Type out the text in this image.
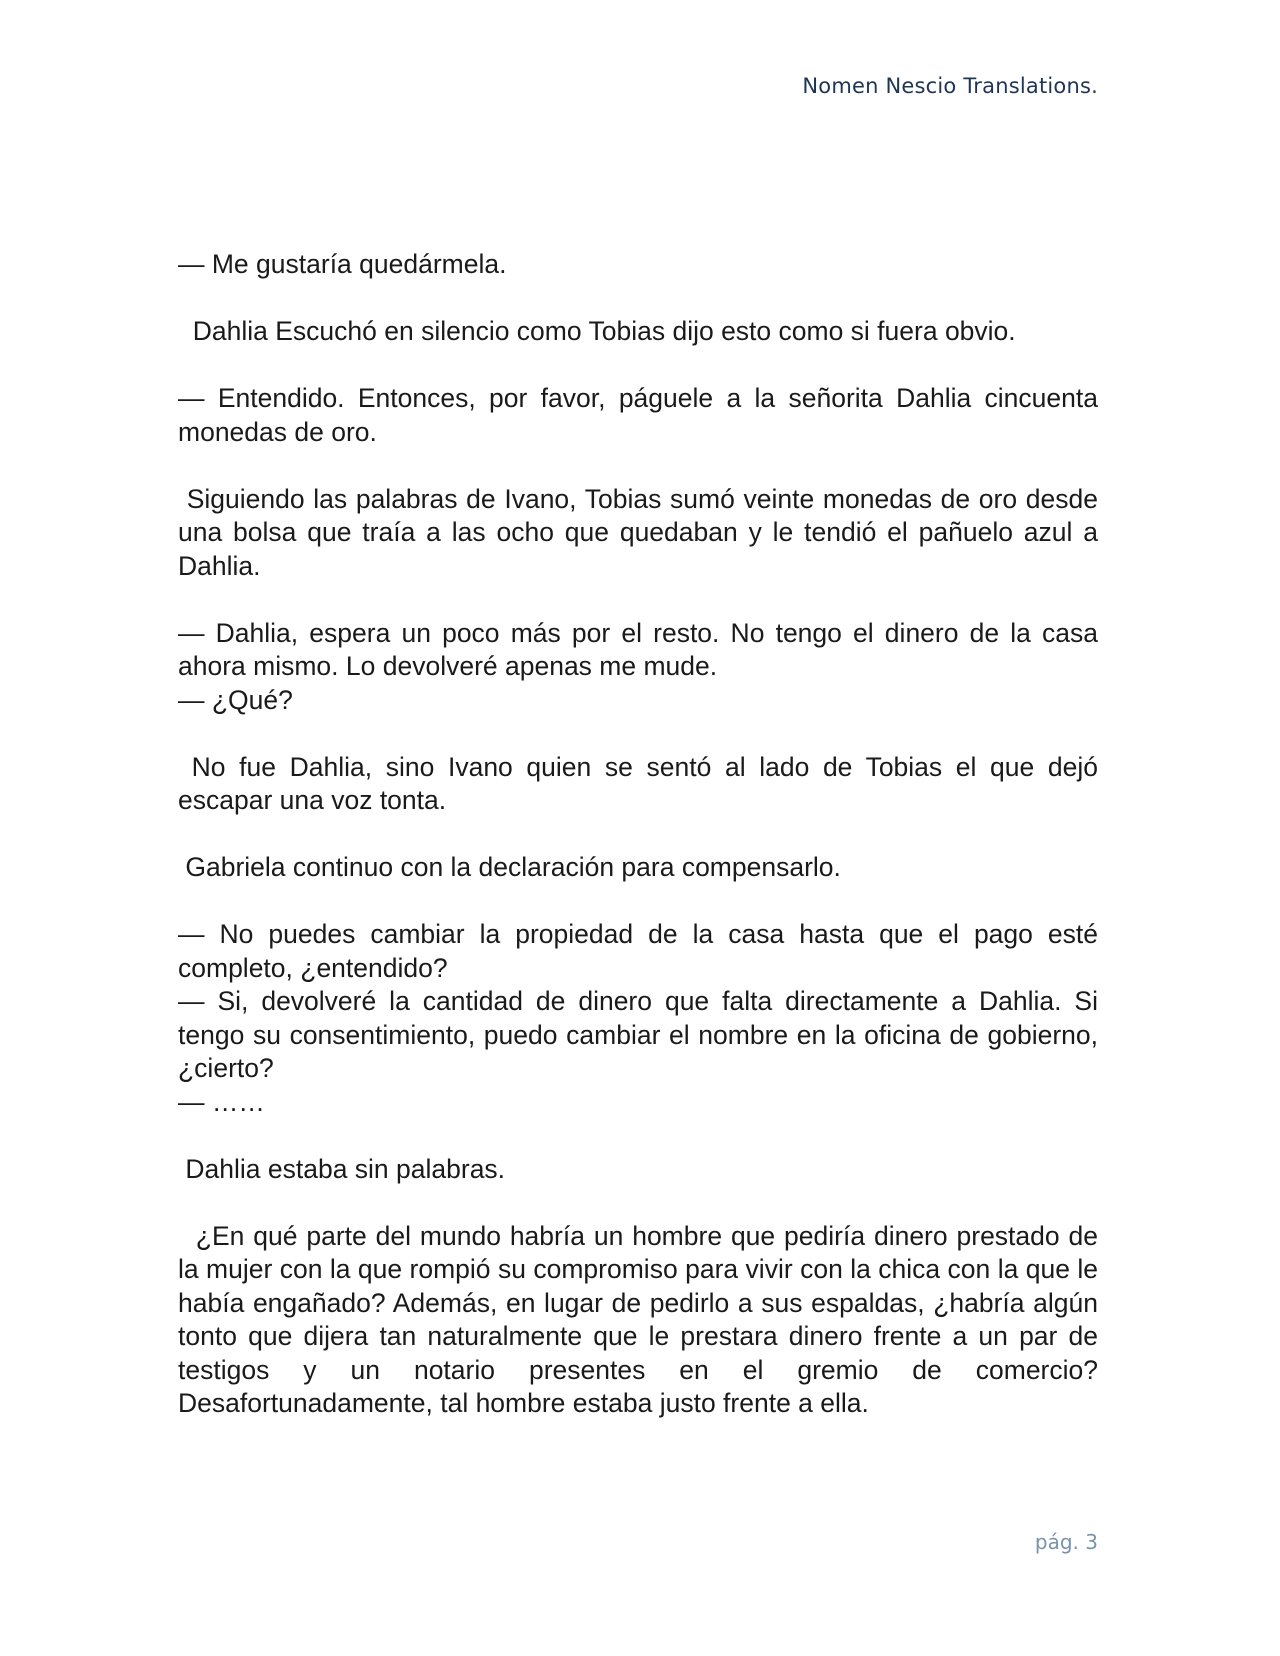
Nomen Nescio Translations.

— Me gustaría quedármela.

Dahlia Escuchó en silencio como Tobias dijo esto como si fuera obvio.

— Entendido. Entonces, por favor, páguele a la señorita Dahlia cincuenta monedas de oro.

Siguiendo las palabras de Ivano, Tobias sumó veinte monedas de oro desde una bolsa que traía a las ocho que quedaban y le tendió el pañuelo azul a Dahlia.

— Dahlia, espera un poco más por el resto. No tengo el dinero de la casa ahora mismo. Lo devolveré apenas me mude.

— ¿Qué?

No fue Dahlia, sino Ivano quien se sentó al lado de Tobias el que dejó escapar una voz tonta.

Gabriela continuo con la declaración para compensarlo.

— No puedes cambiar la propiedad de la casa hasta que el pago esté completo, ¿entendido?

— Si, devolveré la cantidad de dinero que falta directamente a Dahlia. Si tengo su consentimiento, puedo cambiar el nombre en la oficina de gobierno, ¿cierto?

— ……

Dahlia estaba sin palabras.

¿En qué parte del mundo habría un hombre que pediría dinero prestado de la mujer con la que rompió su compromiso para vivir con la chica con la que le había engañado? Además, en lugar de pedirlo a sus espaldas, ¿habría algún tonto que dijera tan naturalmente que le prestara dinero frente a un par de testigos y un notario presentes en el gremio de comercio? Desafortunadamente, tal hombre estaba justo frente a ella.

pág. 3
